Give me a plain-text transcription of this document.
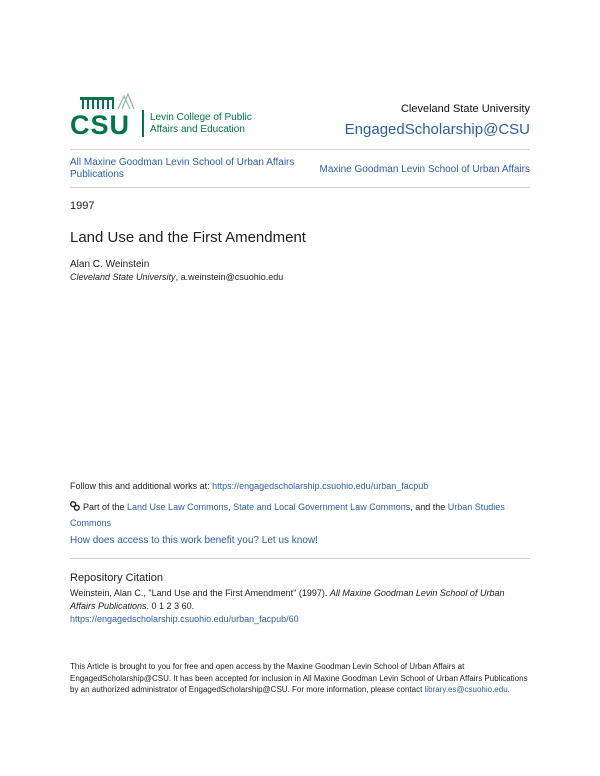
CSU Levin College of Public
Affairs and Education
Cleveland State University
EngagedScholarship@CSU
All Maxine Goodman Levin School of Urban Affairs Publications	Maxine Goodman Levin School of Urban Affairs
1997
Land Use and the First Amendment
Alan C. Weinstein
Cleveland State University, a.weinstein@csuohio.edu
Follow this and additional works at: https://engagedscholarship.csuohio.edu/urban_facpub
Part of the Land Use Law Commons, State and Local Government Law Commons, and the Urban Studies Commons
How does access to this work benefit you? Let us know!
Repository Citation
Weinstein, Alan C., "Land Use and the First Amendment" (1997). All Maxine Goodman Levin School of Urban Affairs Publications. 0 1 2 3 60.
https://engagedscholarship.csuohio.edu/urban_facpub/60
This Article is brought to you for free and open access by the Maxine Goodman Levin School of Urban Affairs at EngagedScholarship@CSU. It has been accepted for inclusion in All Maxine Goodman Levin School of Urban Affairs Publications by an authorized administrator of EngagedScholarship@CSU. For more information, please contact library.es@csuohio.edu.
